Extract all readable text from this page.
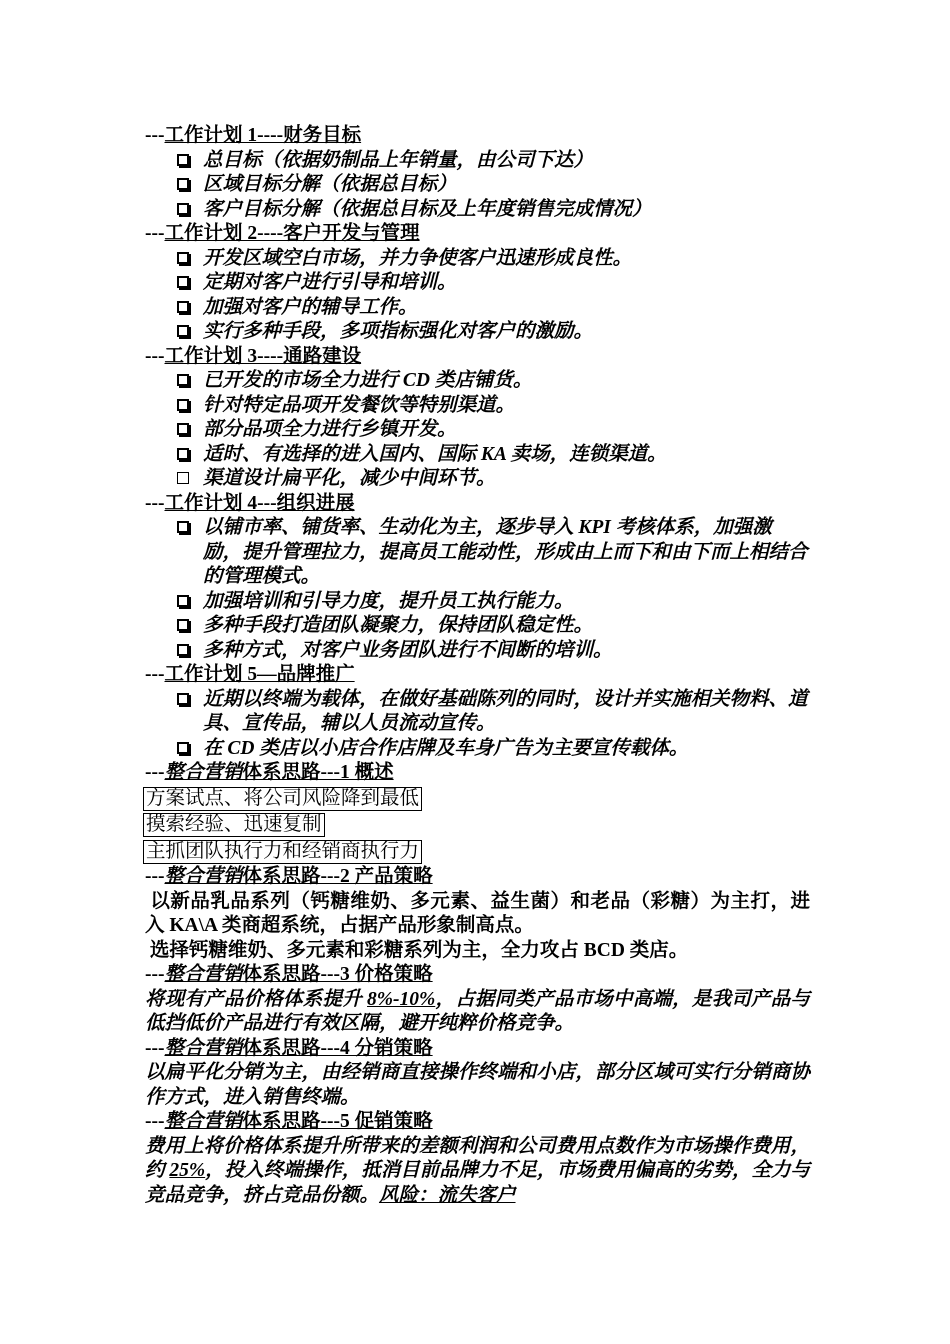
---工作计划 1----财务目标
总目标（依据奶制品上年销量，由公司下达）
区域目标分解（依据总目标）
客户目标分解（依据总目标及上年度销售完成情况）
---工作计划 2----客户开发与管理
开发区域空白市场，并力争使客户迅速形成良性。
定期对客户进行引导和培训。
加强对客户的辅导工作。
实行多种手段，多项指标强化对客户的激励。
---工作计划 3----通路建设
已开发的市场全力进行 CD 类店铺货。
针对特定品项开发餐饮等特别渠道。
部分品项全力进行乡镇开发。
适时、有选择的进入国内、国际 KA 卖场，连锁渠道。
渠道设计扁平化，减少中间环节。
---工作计划 4---组织进展
以铺市率、铺货率、生动化为主，逐步导入 KPI 考核体系，加强激励，提升管理拉力，提高员工能动性，形成由上而下和由下而上相结合的管理模式。
加强培训和引导力度，提升员工执行能力。
多种手段打造团队凝聚力，保持团队稳定性。
多种方式，对客户业务团队进行不间断的培训。
---工作计划 5—品牌推广
近期以终端为载体，在做好基础陈列的同时，设计并实施相关物料、道具、宣传品，辅以人员流动宣传。
在 CD 类店以小店合作店牌及车身广告为主要宣传载体。
---整合营销体系思路---1 概述
方案试点、将公司风险降到最低
摸索经验、迅速复制
主抓团队执行力和经销商执行力
---整合营销体系思路---2 产品策略
以新品乳品系列（钙糖维奶、多元素、益生菌）和老品（彩糖）为主打，进入 KA\A 类商超系统，占据产品形象制高点。
选择钙糖维奶、多元素和彩糖系列为主，全力攻占 BCD 类店。
---整合营销体系思路---3 价格策略
将现有产品价格体系提升 8%-10%，占据同类产品市场中高端，是我司产品与低挡低价产品进行有效区隔，避开纯粹价格竞争。
---整合营销体系思路---4 分销策略
以扁平化分销为主，由经销商直接操作终端和小店，部分区域可实行分销商协作方式，进入销售终端。
---整合营销体系思路---5 促销策略
费用上将价格体系提升所带来的差额利润和公司费用点数作为市场操作费用，约 25%，投入终端操作，抵消目前品牌力不足，市场费用偏高的劣势，全力与竞品竞争，挤占竞品份额。风险：流失客户
